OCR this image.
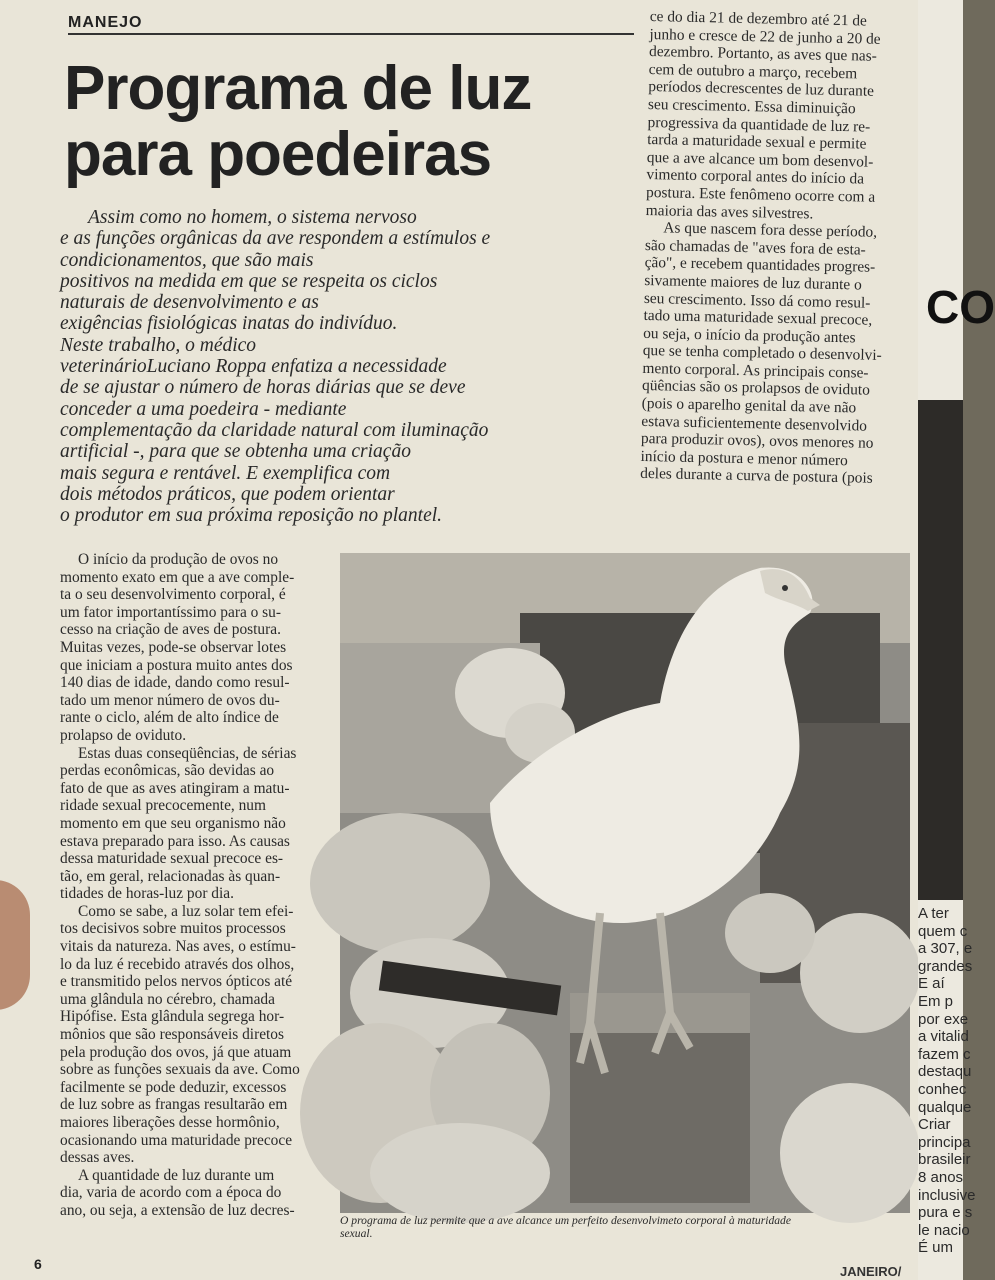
MANEJO
Programa de luz
para poedeiras
Assim como no homem, o sistema nervoso
e as funções orgânicas da ave respondem a estímulos e
condicionamentos, que são mais
positivos na medida em que se respeita os ciclos
naturais de desenvolvimento e as
exigências fisiológicas inatas do indivíduo.
Neste trabalho, o médico
veterinárioLuciano Roppa enfatiza a necessidade
de se ajustar o número de horas diárias que se deve
conceder a uma poedeira - mediante
complementação da claridade natural com iluminação
artificial -, para que se obtenha uma criação
mais segura e rentável. E exemplifica com
dois métodos práticos, que podem orientar
o produtor em sua próxima reposição no plantel.
O início da produção de ovos no
momento exato em que a ave comple-
ta o seu desenvolvimento corporal, é
um fator importantíssimo para o su-
cesso na criação de aves de postura.
Muitas vezes, pode-se observar lotes
que iniciam a postura muito antes dos
140 dias de idade, dando como resul-
tado um menor número de ovos du-
rante o ciclo, além de alto índice de
prolapso de oviduto.
Estas duas conseqüências, de sérias
perdas econômicas, são devidas ao
fato de que as aves atingiram a matu-
ridade sexual precocemente, num
momento em que seu organismo não
estava preparado para isso. As causas
dessa maturidade sexual precoce es-
tão, em geral, relacionadas às quan-
tidades de horas-luz por dia.
Como se sabe, a luz solar tem efei-
tos decisivos sobre muitos processos
vitais da natureza. Nas aves, o estímu-
lo da luz é recebido através dos olhos,
e transmitido pelos nervos ópticos até
uma glândula no cérebro, chamada
Hipófise. Esta glândula segrega hor-
mônios que são responsáveis diretos
pela produção dos ovos, já que atuam
sobre as funções sexuais da ave. Como
facilmente se pode deduzir, excessos
de luz sobre as frangas resultarão em
maiores liberações desse hormônio,
ocasionando uma maturidade precoce
dessas aves.
A quantidade de luz durante um
dia, varia de acordo com a época do
ano, ou seja, a extensão de luz decres-
ce do dia 21 de dezembro até 21 de
junho e cresce de 22 de junho a 20 de
dezembro. Portanto, as aves que nas-
cem de outubro a março, recebem
períodos decrescentes de luz durante
seu crescimento. Essa diminuição
progressiva da quantidade de luz re-
tarda a maturidade sexual e permite
que a ave alcance um bom desenvol-
vimento corporal antes do início da
postura. Este fenômeno ocorre com a
maioria das aves silvestres.
As que nascem fora desse período,
são chamadas de "aves fora de esta-
ção", e recebem quantidades progres-
sivamente maiores de luz durante o
seu crescimento. Isso dá como resul-
tado uma maturidade sexual precoce,
ou seja, o início da produção antes
que se tenha completado o desenvolvi-
mento corporal. As principais conse-
qüências são os prolapsos de oviduto
(pois o aparelho genital da ave não
estava suficientemente desenvolvido
para produzir ovos), ovos menores no
início da postura e menor número
deles durante a curva de postura (pois
O programa de luz permite que a ave alcance um perfeito desenvolvimeto corporal à maturidade
sexual.
6	JANEIRO/
CO
A ter
quem c
a 307, e
grandes
E aí
Em p
por exe
a vitalid
fazem c
destaqu
conhec
qualque
Criar
principa
brasileir
8 anos
inclusive
pura e s
le nacio
É um
